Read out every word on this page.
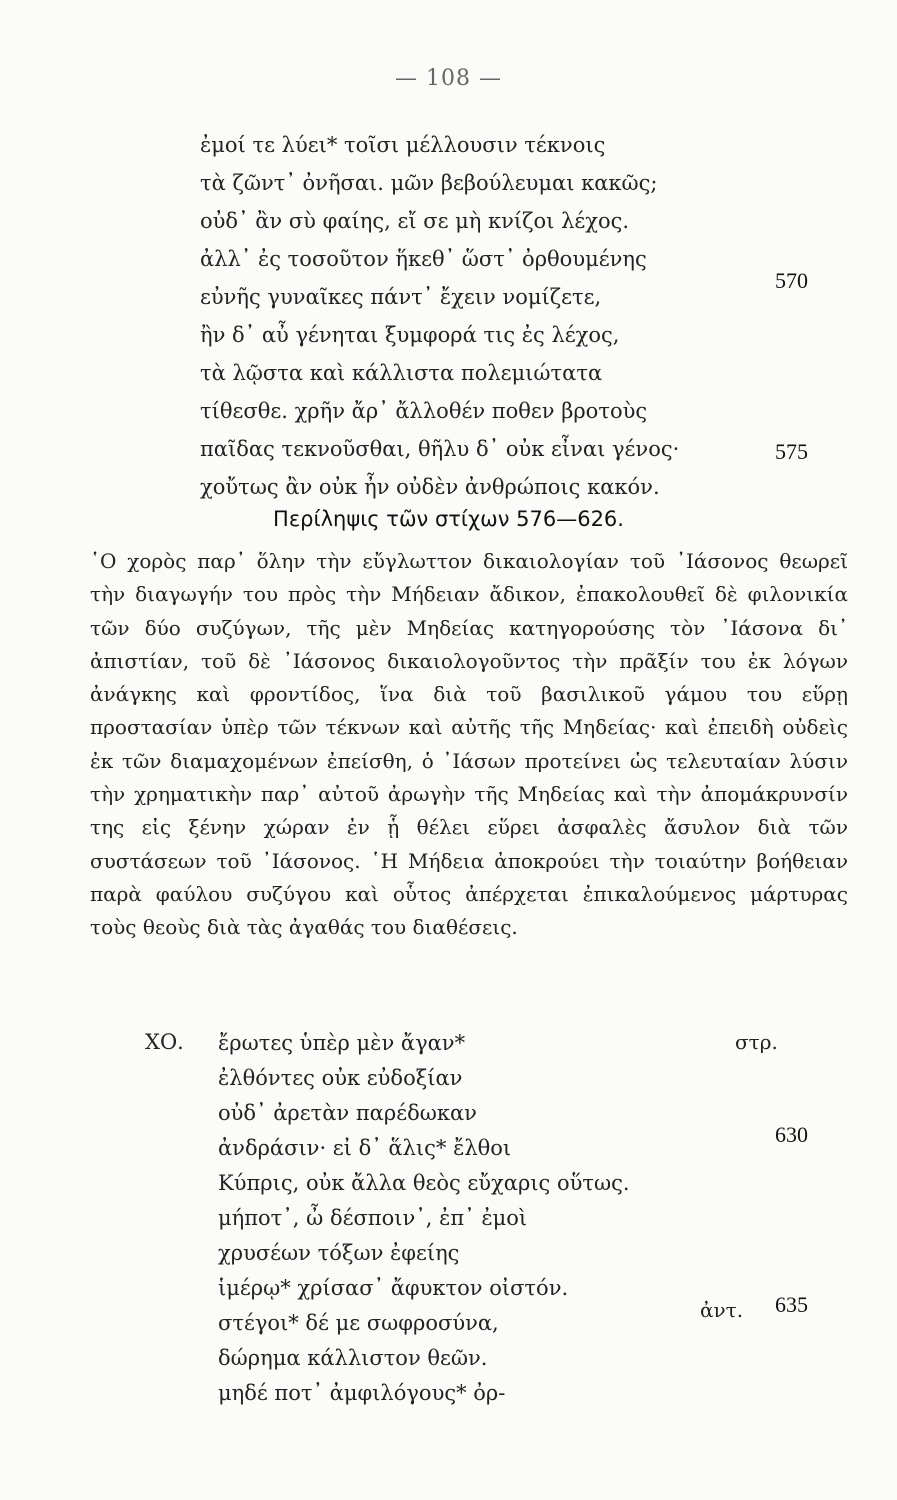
— 108 —
ἐμοί τε λύει* τοῖσι μέλλουσιν τέκνοις
τὰ ζῶντ᾽ ὀνῆσαι. μῶν βεβούλευμαι κακῶς;
οὐδ᾽ ἂν σὺ φαίης, εἴ σε μὴ κνίζοι λέχος.
ἀλλ᾽ ἐς τοσοῦτον ἥκεθ᾽ ὥστ᾽ ὀρθουμένης
εὐνῆς γυναῖκες πάντ᾽ ἔχειν νομίζετε,
570
ἢν δ᾽ αὖ γένηται ξυμφορά τις ἐς λέχος,
τὰ λῷστα καὶ κάλλιστα πολεμιώτατα
τίθεσθε. χρῆν ἄρ᾽ ἄλλοθέν ποθεν βροτοὺς
παῖδας τεκνοῦσθαι, θῆλυ δ᾽ οὐκ εἶναι γένος·
χοὔτως ἂν οὐκ ἦν οὐδὲν ἀνθρώποις κακόν.
575
Περίληψις τῶν στίχων 576—626.
῾Ο χορὸς παρ᾽ ὅλην τὴν εὔγλωττον δικαιολογίαν τοῦ ᾽Ιάσονος θεωρεῖ τὴν διαγωγήν του πρὸς τὴν Μήδειαν ἄδικον, ἐπακολουθεῖ δὲ φιλονικία τῶν δύο συζύγων, τῆς μὲν Μηδείας κατηγορούσης τὸν ᾽Ιάσονα δι᾽ ἀπιστίαν, τοῦ δὲ ᾽Ιάσονος δικαιολογοῦντος τὴν πρᾶξίν του ἐκ λόγων ἀνάγκης καὶ φροντίδος, ἵνα διὰ τοῦ βασιλικοῦ γάμου του εὕρῃ προστασίαν ὑπὲρ τῶν τέκνων καὶ αὐτῆς τῆς Μηδείας· καὶ ἐπειδὴ οὐδεὶς ἐκ τῶν διαμαχομένων ἐπείσθη, ὁ ᾽Ιάσων προτείνει ὡς τελευταίαν λύσιν τὴν χρηματικὴν παρ᾽ αὐτοῦ ἀρωγὴν τῆς Μηδείας καὶ τὴν ἀπομάκρυνσίν της εἰς ξένην χώραν ἐν ᾗ θέλει εὕρει ἀσφαλὲς ἄσυλον διὰ τῶν συστάσεων τοῦ ᾽Ιάσονος. ῾Η Μήδεια ἀποκρούει τὴν τοιαύτην βοήθειαν παρὰ φαύλου συζύγου καὶ οὗτος ἀπέρχεται ἐπικαλούμενος μάρτυρας τοὺς θεοὺς διὰ τὰς ἀγαθάς του διαθέσεις.
ΧΟ.	στρ.
ἀντ.
ἔρωτες ὑπὲρ μὲν ἄγαν*
ἐλθόντες οὐκ εὐδοξίαν
οὐδ᾽ ἀρετὰν παρέδωκαν
ἀνδράσιν· εἰ δ᾽ ἅλις* ἔλθοι
630
Κύπρις, οὐκ ἄλλα θεὸς εὔχαρις οὕτως.
μήποτ᾽, ὦ δέσποιν᾽, ἐπ᾽ ἐμοὶ
χρυσέων τόξων ἐφείης
ἱμέρῳ* χρίσασ᾽ ἄφυκτον οἰστόν.
στέγοι* δέ με σωφροσύνα,
635
δώρημα κάλλιστον θεῶν.
μηδέ ποτ᾽ ἀμφιλόγους* ὀρ-
